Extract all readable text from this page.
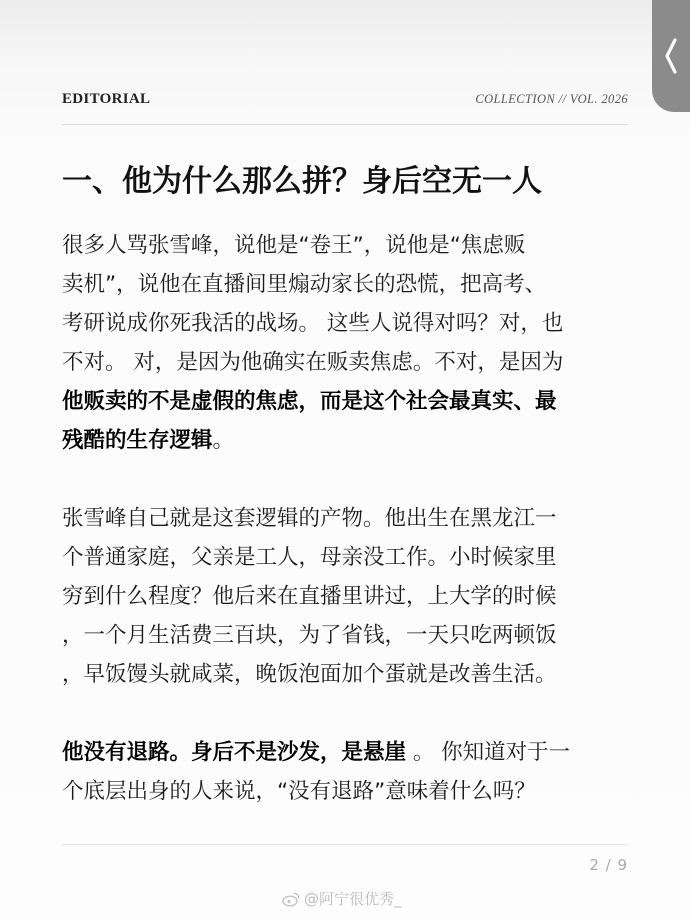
EDITORIAL	COLLECTION // VOL. 2026
一、他为什么那么拼？身后空无一人

很多人骂张雪峰，说他是“卷王”，说他是“焦虑贩
卖机”，说他在直播间里煽动家长的恐慌，把高考、
考研说成你死我活的战场。 这些人说得对吗？对，也
不对。 对，是因为他确实在贩卖焦虑。不对，是因为
他贩卖的不是虚假的焦虑，而是这个社会最真实、最
残酷的生存逻辑。

张雪峰自己就是这套逻辑的产物。他出生在黑龙江一
个普通家庭，父亲是工人，母亲没工作。小时候家里
穷到什么程度？他后来在直播里讲过，上大学的时候
，一个月生活费三百块，为了省钱，一天只吃两顿饭
，早饭馒头就咸菜，晚饭泡面加个蛋就是改善生活。

他没有退路。身后不是沙发，是悬崖 。 你知道对于一
个底层出身的人来说，“没有退路”意味着什么吗？

2 / 9
@阿宁很优秀_
